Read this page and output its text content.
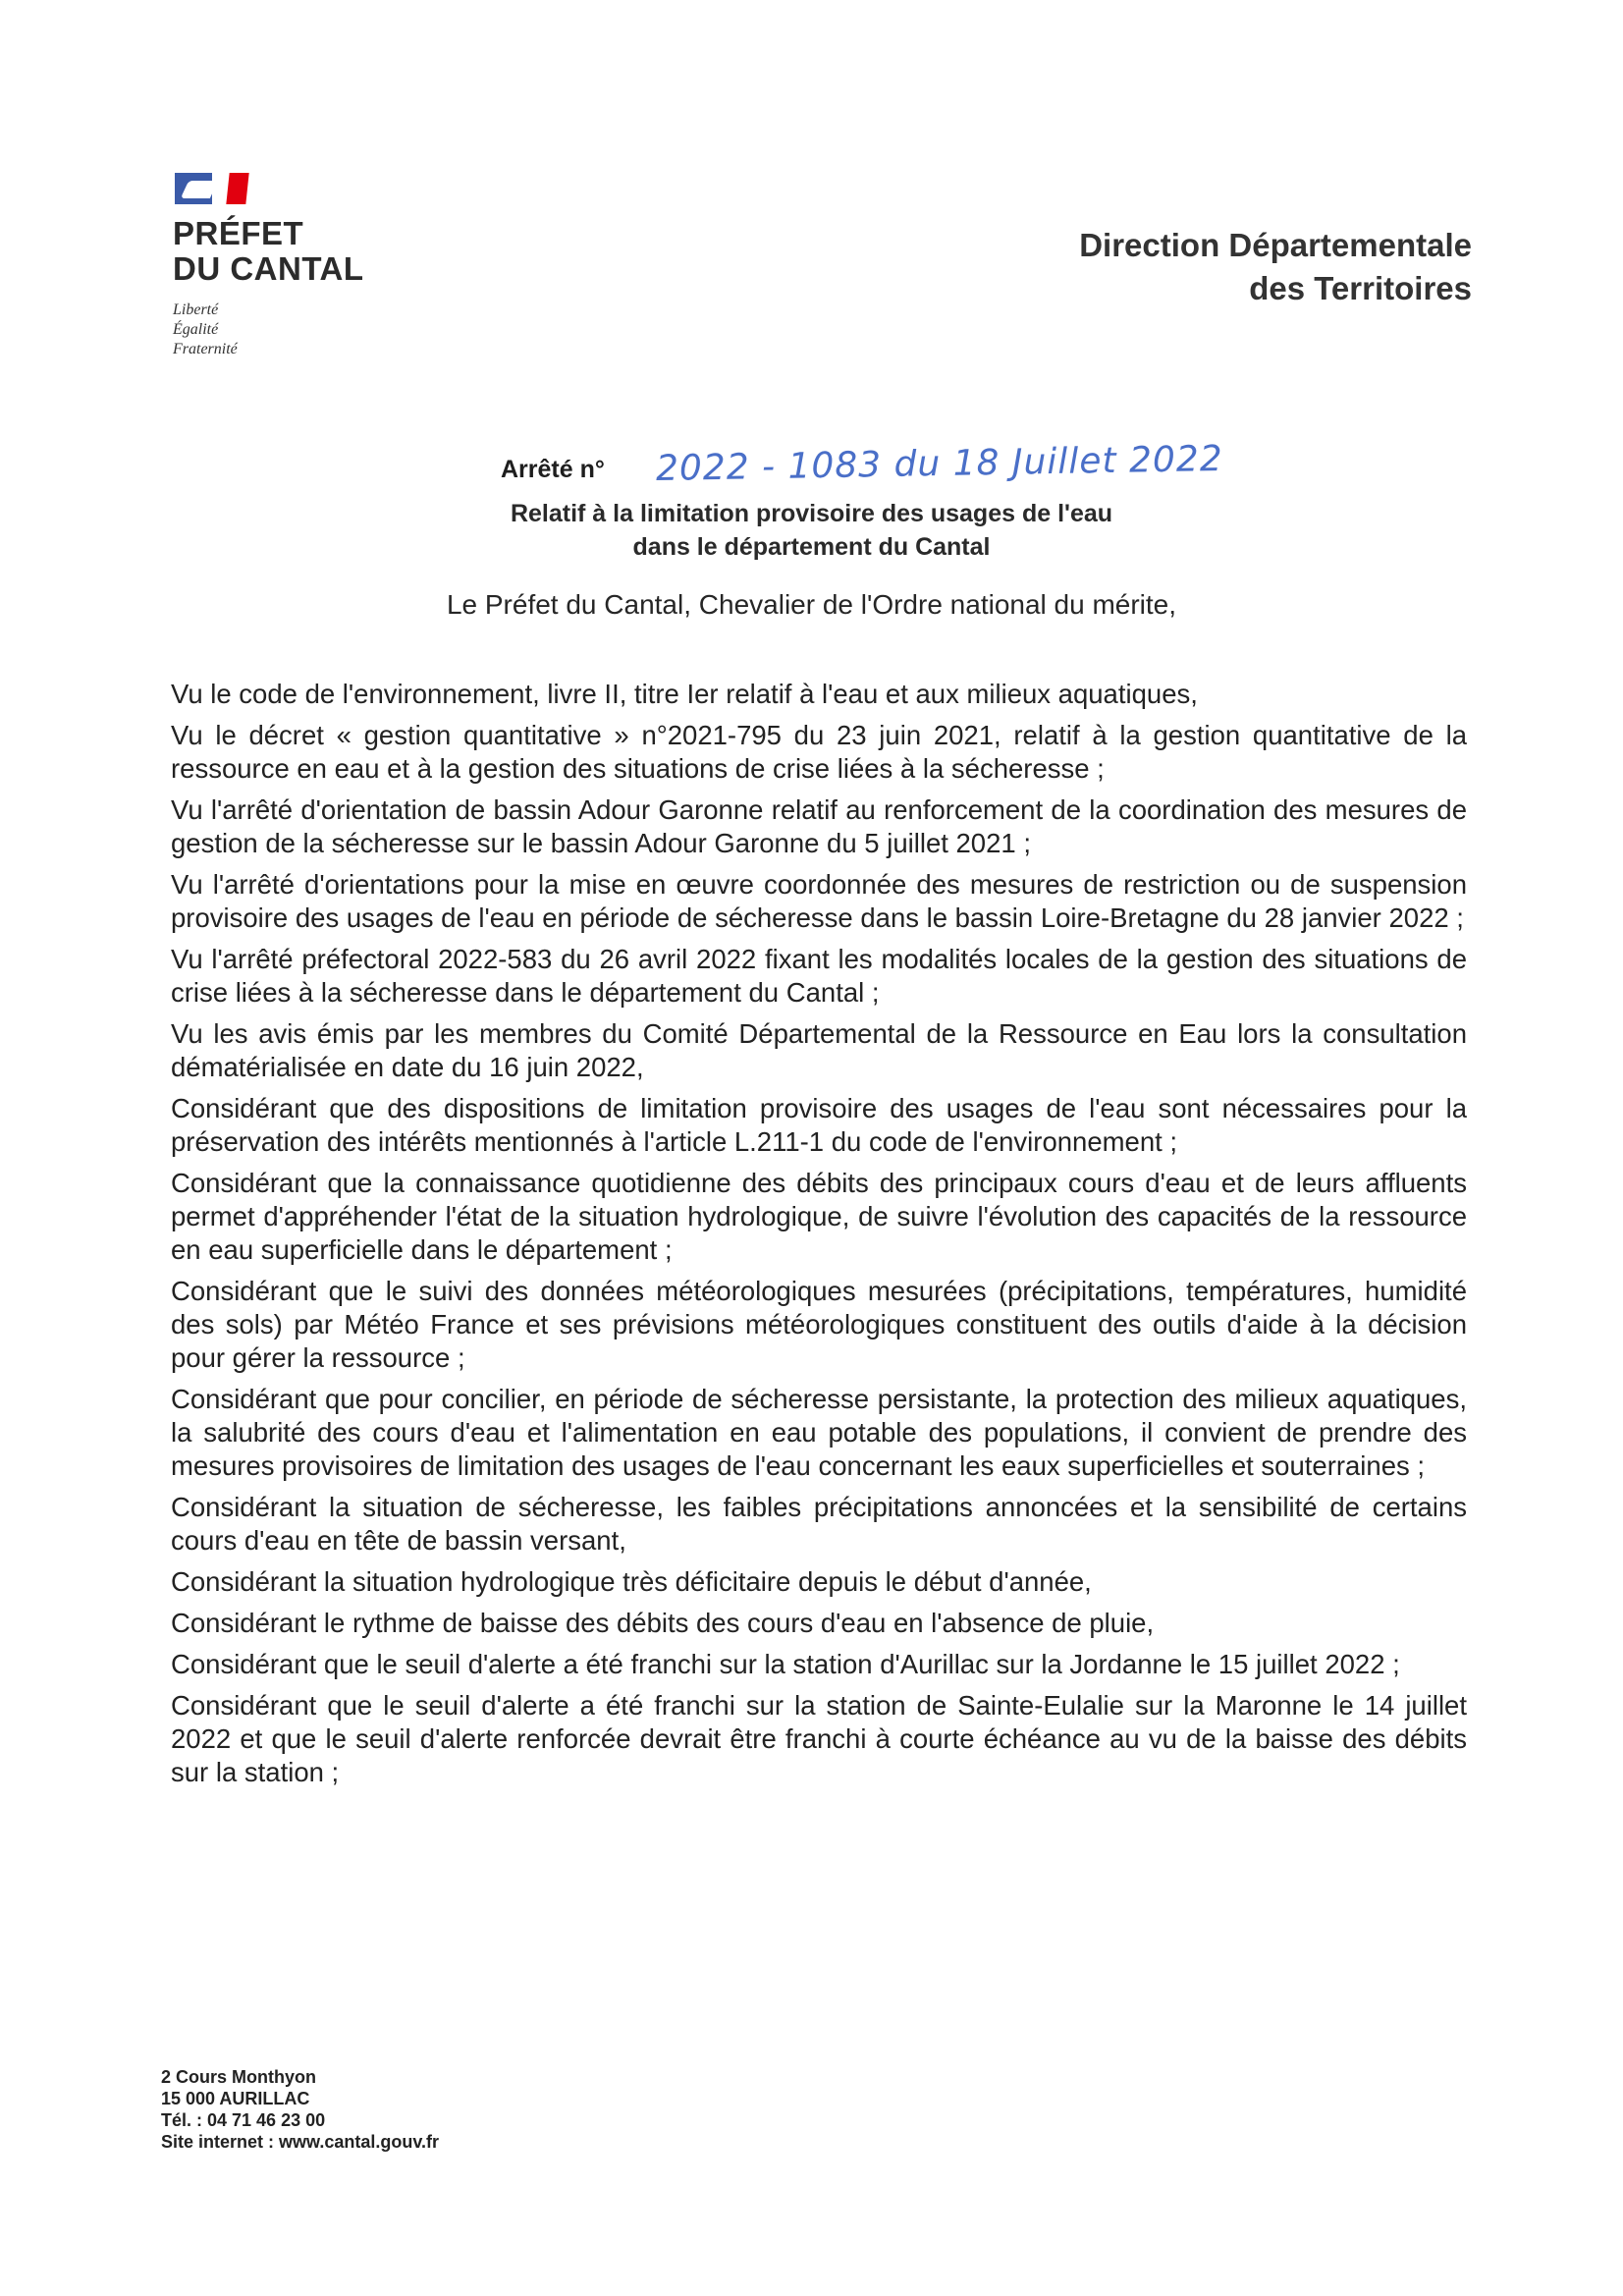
PRÉFET
DU CANTAL
Liberté
Égalité
Fraternité
Direction Départementale
des Territoires
Arrêté n° 2022 - 1083 du 18 Juillet 2022
Relatif à la limitation provisoire des usages de l'eau
dans le département du Cantal
Le Préfet du Cantal, Chevalier de l'Ordre national du mérite,

Vu le code de l'environnement, livre II, titre Ier relatif à l'eau et aux milieux aquatiques,

Vu le décret « gestion quantitative » n°2021-795 du 23 juin 2021, relatif à la gestion quantitative de la ressource en eau et à la gestion des situations de crise liées à la sécheresse ;

Vu l'arrêté d'orientation de bassin Adour Garonne relatif au renforcement de la coordination des mesures de gestion de la sécheresse sur le bassin Adour Garonne du 5 juillet 2021 ;

Vu l'arrêté d'orientations pour la mise en œuvre coordonnée des mesures de restriction ou de suspension provisoire des usages de l'eau en période de sécheresse dans le bassin Loire-Bretagne du 28 janvier 2022 ;

Vu l'arrêté préfectoral 2022-583 du 26 avril 2022 fixant les modalités locales de la gestion des situations de crise liées à la sécheresse dans le département du Cantal ;

Vu les avis émis par les membres du Comité Départemental de la Ressource en Eau lors la consultation dématérialisée en date du 16 juin 2022,

Considérant que des dispositions de limitation provisoire des usages de l'eau sont nécessaires pour la préservation des intérêts mentionnés à l'article L.211-1 du code de l'environnement ;

Considérant que la connaissance quotidienne des débits des principaux cours d'eau et de leurs affluents permet d'appréhender l'état de la situation hydrologique, de suivre l'évolution des capacités de la ressource en eau superficielle dans le département ;

Considérant que le suivi des données météorologiques mesurées (précipitations, températures, humidité des sols) par Météo France et ses prévisions météorologiques constituent des outils d'aide à la décision pour gérer la ressource ;

Considérant que pour concilier, en période de sécheresse persistante, la protection des milieux aquatiques, la salubrité des cours d'eau et l'alimentation en eau potable des populations, il convient de prendre des mesures provisoires de limitation des usages de l'eau concernant les eaux superficielles et souterraines ;

Considérant la situation de sécheresse, les faibles précipitations annoncées et la sensibilité de certains cours d'eau en tête de bassin versant,

Considérant la situation hydrologique très déficitaire depuis le début d'année,

Considérant le rythme de baisse des débits des cours d'eau en l'absence de pluie,

Considérant que le seuil d'alerte a été franchi sur la station d'Aurillac sur la Jordanne le 15 juillet 2022 ;

Considérant que le seuil d'alerte a été franchi sur la station de Sainte-Eulalie sur la Maronne le 14 juillet 2022 et que le seuil d'alerte renforcée devrait être franchi à courte échéance au vu de la baisse des débits sur la station ;

2 Cours Monthyon
15 000 AURILLAC
Tél. : 04 71 46 23 00
Site internet : www.cantal.gouv.fr
